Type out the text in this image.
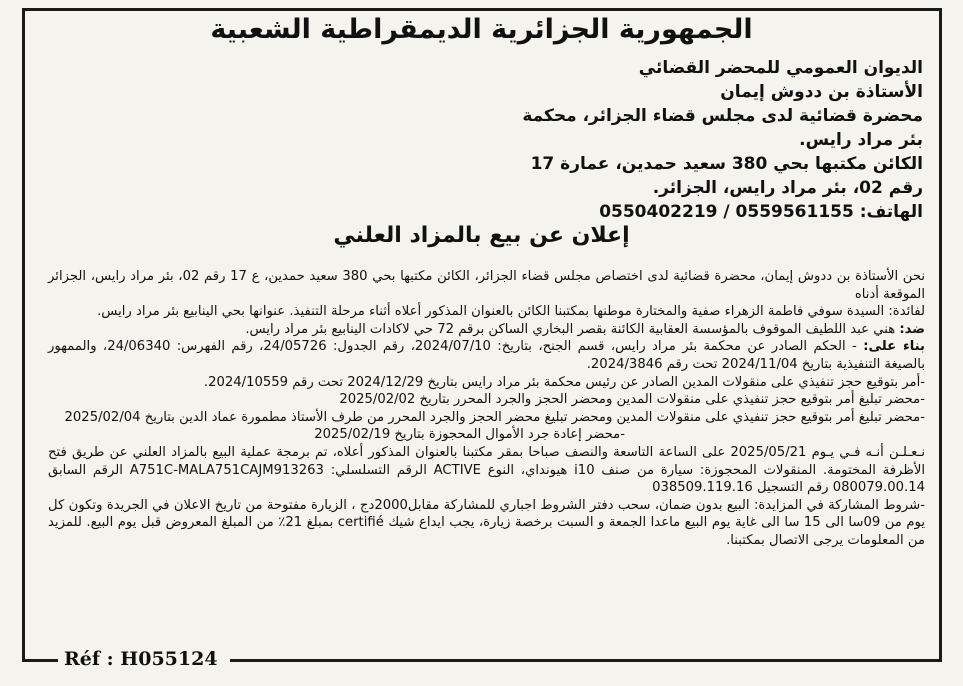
Réf : H055124
الجمهورية الجزائرية الديمقراطية الشعبية
الديوان العمومي للمحضر القضائي
الأستاذة بن ددوش إيمان
محضرة قضائية لدى مجلس قضاء الجزائر، محكمة
بئر مراد رايس.
الكائن مكتبها بحي 380 سعيد حمدين، عمارة 17
رقم 02، بئر مراد رايس، الجزائر.
الهاتف: 0559561155 / 0550402219
إعلان عن بيع بالمزاد العلني

نحن الأستاذة بن ددوش إيمان، محضرة قضائية لدى اختصاص مجلس قضاء الجزائر، الكائن مكتبها بحي 380 سعيد حمدين، ع 17 رقم 02، بئر مراد رايس، الجزائر الموقعة أدناه

لفائدة: السيدة سوفي فاطمة الزهراء صفية والمختارة موطنها بمكتبنا الكائن بالعنوان المذكور أعلاه أثناء مرحلة التنفيذ. عنوانها بحي الينابيع بئر مراد رايس.

ضد: هني عبد اللطيف الموقوف بالمؤسسة العقابية الكائنة بقصر البخاري الساكن برقم 72 حي لاكادات الينابيع بئر مراد رايس.

بناء على: - الحكم الصادر عن محكمة بئر مراد رايس، قسم الجنح، بتاريخ: 2024/07/10، رقم الجدول: 24/05726، رقم الفهرس: 24/06340، والممهور بالصيغة التنفيذية بتاريخ 2024/11/04 تحت رقم 2024/3846.

-أمر بتوقيع حجز تنفيذي على منقولات المدين الصادر عن رئيس محكمة بئر مراد رايس بتاريخ 2024/12/29 تحت رقم 2024/10559.

-محضر تبليغ أمر بتوقيع حجز تنفيذي على منقولات المدين ومحضر الحجز والجرد المحرر بتاريخ 2025/02/02

-محضر تبليغ أمر بتوقيع حجز تنفيذي على منقولات المدين ومحضر تبليغ محضر الحجز والجرد المحرر من طرف الأستاذ مطمورة عماد الدين بتاريخ 2025/02/04

-محضر إعادة جرد الأموال المحجوزة بتاريخ 2025/02/19

نـعـلـن أنـه فـي يـوم 2025/05/21 على الساعة التاسعة والنصف صباحا بمقر مكتبنا بالعنوان المذكور أعلاه، تم برمجة عملية البيع بالمزاد العلني عن طريق فتح الأظرفة المختومة. المنقولات المحجوزة: سيارة من صنف i10 هيونداي، النوع ACTIVE الرقم التسلسلي: A751C-MALA751CAJM913263 الرقم السابق 080079.00.14 رقم التسجيل 038509.119.16

-شروط المشاركة في المزايدة: البيع بدون ضمان، سحب دفتر الشروط اجباري للمشاركة مقابل2000دج ، الزيارة مفتوحة من تاريخ الاعلان في الجريدة وتكون كل يوم من 09سا الى 15 سا الى غاية يوم البيع ماعدا الجمعة و السبت برخصة زيارة، يجب ايداع شيك certifié بمبلغ 21٪ من المبلغ المعروض قبل يوم البيع. للمزيد من المعلومات يرجى الاتصال بمكتبنا.
